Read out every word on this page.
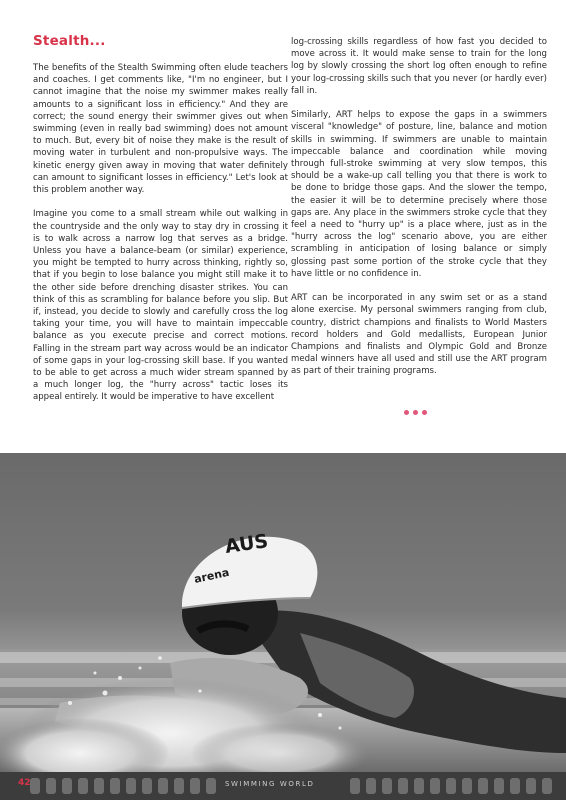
Stealth...

The benefits of the Stealth Swimming often elude teachers and coaches. I get comments like, "I'm no engineer, but I cannot imagine that the noise my swimmer makes really amounts to a significant loss in efficiency." And they are correct; the sound energy their swimmer gives out when swimming (even in really bad swimming) does not amount to much. But, every bit of noise they make is the result of moving water in turbulent and non-propulsive ways. The kinetic energy given away in moving that water definitely can amount to significant losses in efficiency." Let's look at this problem another way.

Imagine you come to a small stream while out walking in the countryside and the only way to stay dry in crossing it is to walk across a narrow log that serves as a bridge. Unless you have a balance-beam (or similar) experience, you might be tempted to hurry across thinking, rightly so, that if you begin to lose balance you might still make it to the other side before drenching disaster strikes. You can think of this as scrambling for balance before you slip. But if, instead, you decide to slowly and carefully cross the log taking your time, you will have to maintain impeccable balance as you execute precise and correct motions. Falling in the stream part way across would be an indicator of some gaps in your log-crossing skill base. If you wanted to be able to get across a much wider stream spanned by a much longer log, the "hurry across" tactic loses its appeal entirely. It would be imperative to have excellent

log-crossing skills regardless of how fast you decided to move across it. It would make sense to train for the long log by slowly crossing the short log often enough to refine your log-crossing skills such that you never (or hardly ever) fall in.

Similarly, ART helps to expose the gaps in a swimmers visceral "knowledge" of posture, line, balance and motion skills in swimming. If swimmers are unable to maintain impeccable balance and coordination while moving through full-stroke swimming at very slow tempos, this should be a wake-up call telling you that there is work to be done to bridge those gaps. And the slower the tempo, the easier it will be to determine precisely where those gaps are. Any place in the swimmers stroke cycle that they feel a need to "hurry up" is a place where, just as in the "hurry across the log" scenario above, you are either scrambling in anticipation of losing balance or simply glossing past some portion of the stroke cycle that they have little or no confidence in.

ART can be incorporated in any swim set or as a stand alone exercise. My personal swimmers ranging from club, country, district champions and finalists to World Masters record holders and Gold medallists, European Junior Champions and finalists and Olympic Gold and Bronze medal winners have all used and still use the ART program as part of their training programs.

AUS
arena
42	SWIMMING WORLD
